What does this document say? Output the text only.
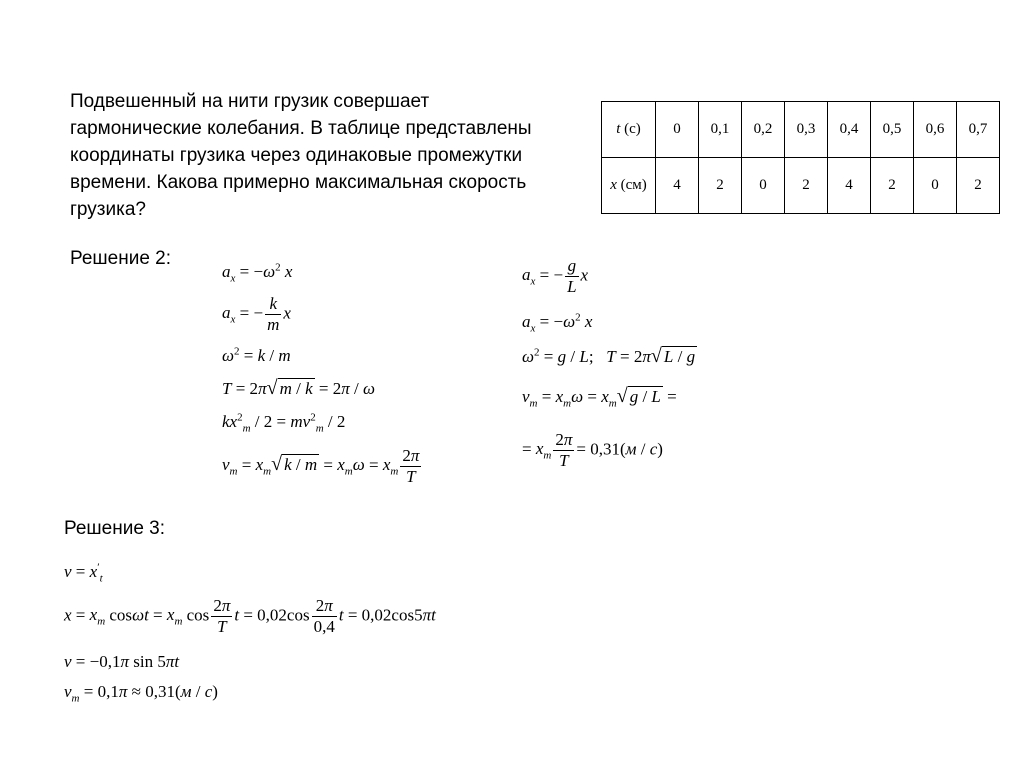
Подвешенный на нити грузик совершает
гармонические колебания. В таблице представлены
координаты грузика через одинаковые промежутки
времени. Какова примерно максимальная скорость
грузика?
t (с)	0	0,1	0,2	0,3	0,4	0,5	0,6	0,7
x (см)	4	2	0	2	4	2	0	2
Решение 2:
$a_x = -\omega^2$ x
$a_x$ = − $\frac{k}{m}$ x
$\omega^2 = k / m$
T = 2π√ m / k = 2π / ω
$kx^2_m / 2 = mv^2_m / 2$
$v_m = x_m√$ $k / m = x_m\omega = x_m \frac{2\pi}{T}$
$a_x$ = − $\frac{g}{L}$ x
$a_x = -\omega^2$ x
$\omega^2 = g / L$;   T = 2π√ L / g
$v_m = x_m\omega = x_m√$ g / L =
= $x_m \frac{2\pi}{T} = 0,31(м / с)$
Решение 3:
$v = x'_t$
$x = x_m$ $\cos\omega t = x_m$ $\cos \frac{2\pi}{T}$ $t = 0,02\cos \frac{2\pi}{0,4}$ t = 0,02cos5πt
v = −0,1π sin 5πt
$v_m = 0,1\pi \approx 0,31(м / с)$
